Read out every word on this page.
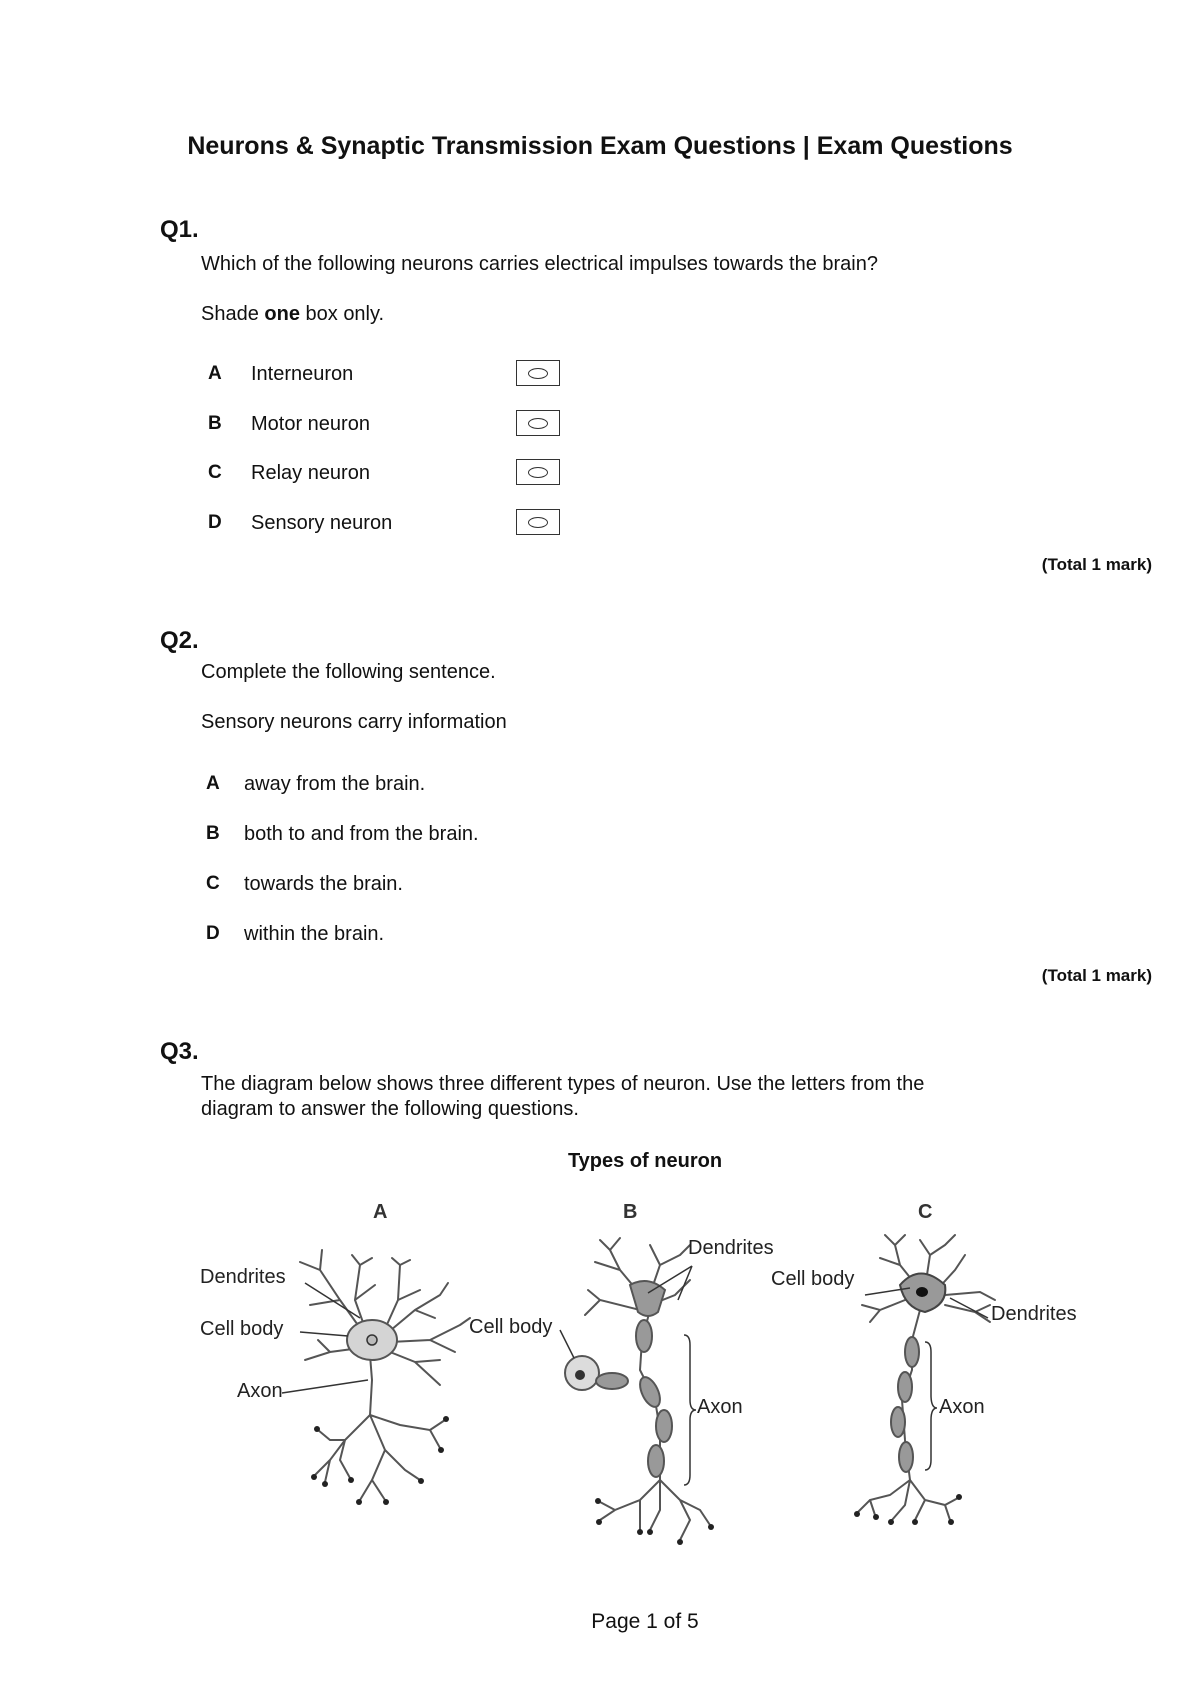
Neurons & Synaptic Transmission Exam Questions | Exam Questions
Q1.
Which of the following neurons carries electrical impulses towards the brain?
Shade one box only.
A Interneuron
B Motor neuron
C Relay neuron
D Sensory neuron
(Total 1 mark)
Q2.
Complete the following sentence.
Sensory neurons carry information
A away from the brain.
B both to and from the brain.
C towards the brain.
D within the brain.
(Total 1 mark)
Q3.
The diagram below shows three different types of neuron. Use the letters from the
diagram to answer the following questions.
Types of neuron
A	B	C
Dendrites
Cell body
Axon
Dendrites
Cell body
Axon
Cell body
Dendrites
Axon
Page 1 of 5
